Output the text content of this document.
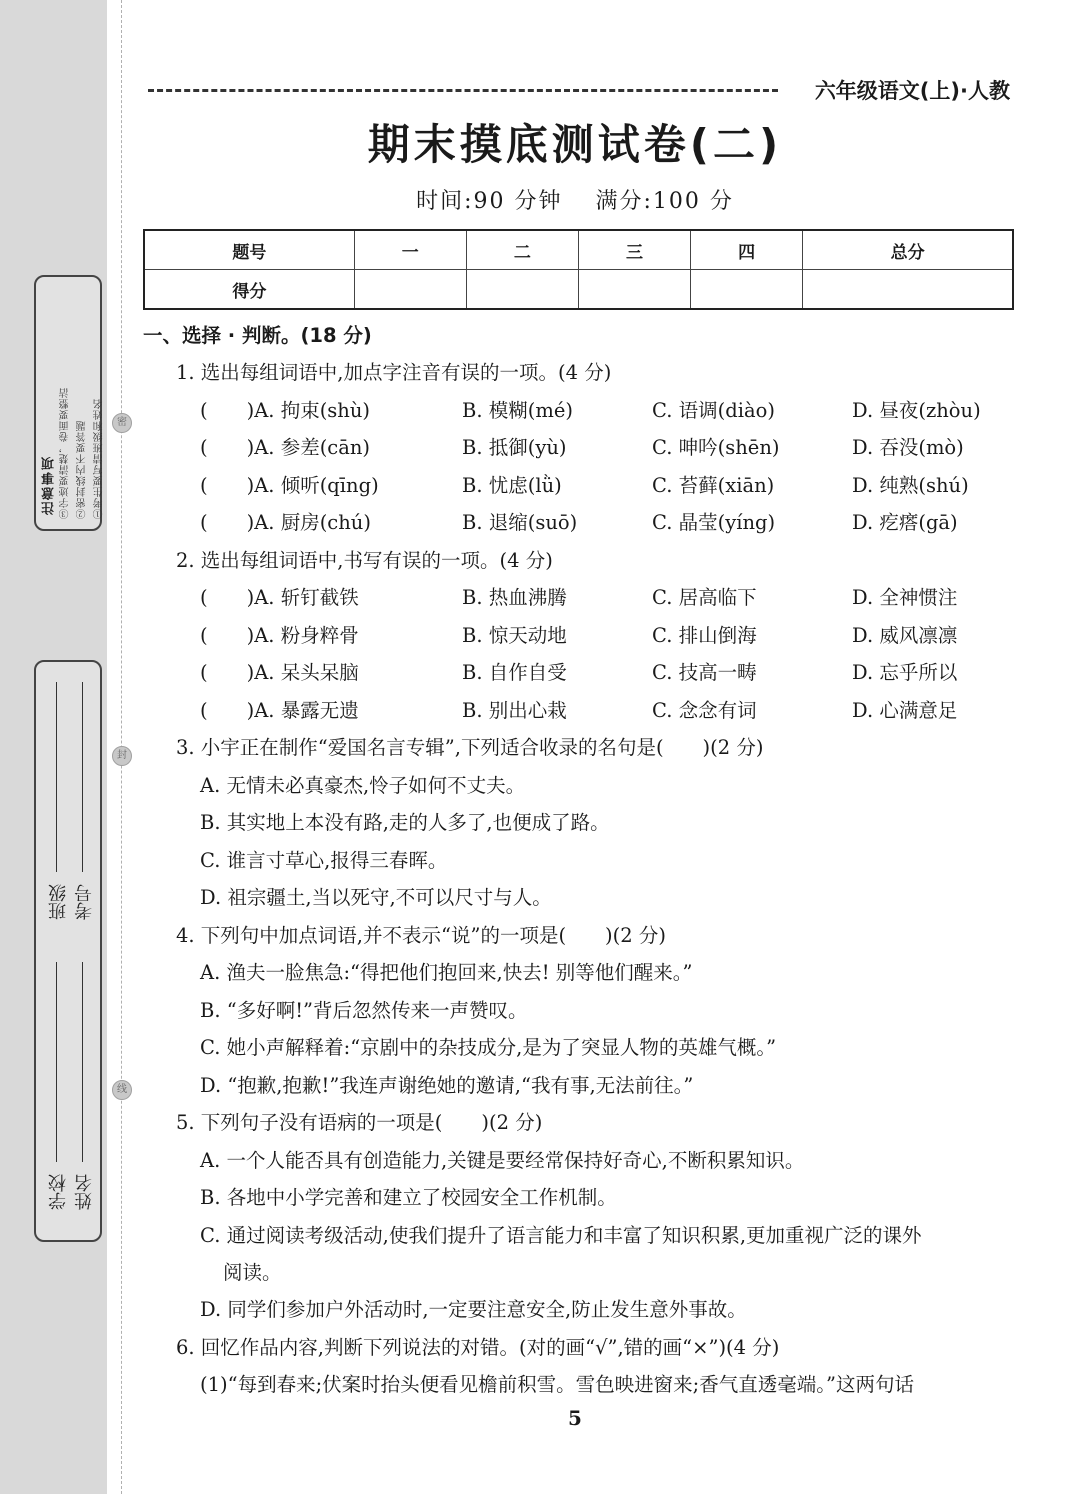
密
封
线
注意事项	①考生要写清班级和姓名
②密封线内不要答题
③字迹要清楚，卷面要整洁
班级 考号
学校 姓名
六年级语文(上)·人教
期末摸底测试卷(二)
时间:90 分钟　 满分:100 分
题号	一	二	三	四	总分
得分					
一、选择 · 判断。(18 分)
1. 选出每组词语中,加点字注音有误的一项。(4 分)
(　　)A. 拘束(shù)	B. 模糊(mé)	C. 语调(diào)	D. 昼夜(zhòu)
(　　)A. 参差(cān)	B. 抵御(yù)	C. 呻吟(shēn)	D. 吞没(mò)
(　　)A. 倾听(qīng)	B. 忧虑(lǜ)	C. 苔藓(xiān)	D. 纯熟(shú)
(　　)A. 厨房(chú)	B. 退缩(suō)	C. 晶莹(yíng)	D. 疙瘩(gā)
2. 选出每组词语中,书写有误的一项。(4 分)
(　　)A. 斩钉截铁	B. 热血沸腾	C. 居高临下	D. 全神惯注
(　　)A. 粉身粹骨	B. 惊天动地	C. 排山倒海	D. 威风凛凛
(　　)A. 呆头呆脑	B. 自作自受	C. 技高一畴	D. 忘乎所以
(　　)A. 暴露无遗	B. 别出心栽	C. 念念有词	D. 心满意足
3. 小宇正在制作“爱国名言专辑”,下列适合收录的名句是(　　)(2 分)
A. 无情未必真豪杰,怜子如何不丈夫。
B. 其实地上本没有路,走的人多了,也便成了路。
C. 谁言寸草心,报得三春晖。
D. 祖宗疆土,当以死守,不可以尺寸与人。
4. 下列句中加点词语,并不表示“说”的一项是(　　)(2 分)
A. 渔夫一脸焦急:“得把他们抱回来,快去! 别等他们醒来。”
B. “多好啊!”背后忽然传来一声赞叹。
C. 她小声解释着:“京剧中的杂技成分,是为了突显人物的英雄气概。”
D. “抱歉,抱歉!”我连声谢绝她的邀请,“我有事,无法前往。”
5. 下列句子没有语病的一项是(　　)(2 分)
A. 一个人能否具有创造能力,关键是要经常保持好奇心,不断积累知识。
B. 各地中小学完善和建立了校园安全工作机制。
C. 通过阅读考级活动,使我们提升了语言能力和丰富了知识积累,更加重视广泛的课外
阅读。
D. 同学们参加户外活动时,一定要注意安全,防止发生意外事故。
6. 回忆作品内容,判断下列说法的对错。(对的画“√”,错的画“×”)(4 分)
(1)“每到春来;伏案时抬头便看见檐前积雪。雪色映进窗来;香气直透毫端。”这两句话
5
